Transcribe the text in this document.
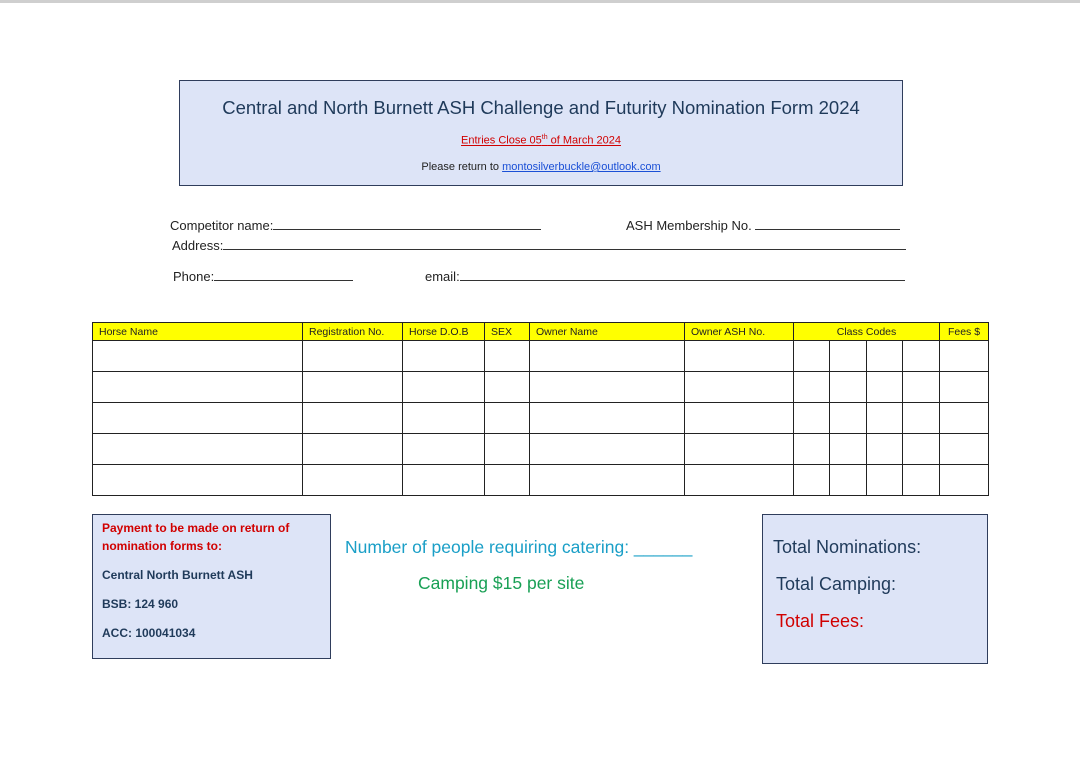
Central and North Burnett ASH Challenge and Futurity Nomination Form 2024
Entries Close 05th of March 2024
Please return to montosilverbuckle@outlook.com
Competitor name:	ASH Membership No.
Address:
Phone:	email:
Horse Name	Registration No.	Horse D.O.B	SEX	Owner Name	Owner ASH No.	Class Codes				Fees $

Payment to be made on return of
nomination forms to:
Central North Burnett ASH
BSB: 124 960
ACC: 100041034
Number of people requiring catering: ______
Camping $15 per site
Total Nominations:
Total Camping:
Total Fees:
